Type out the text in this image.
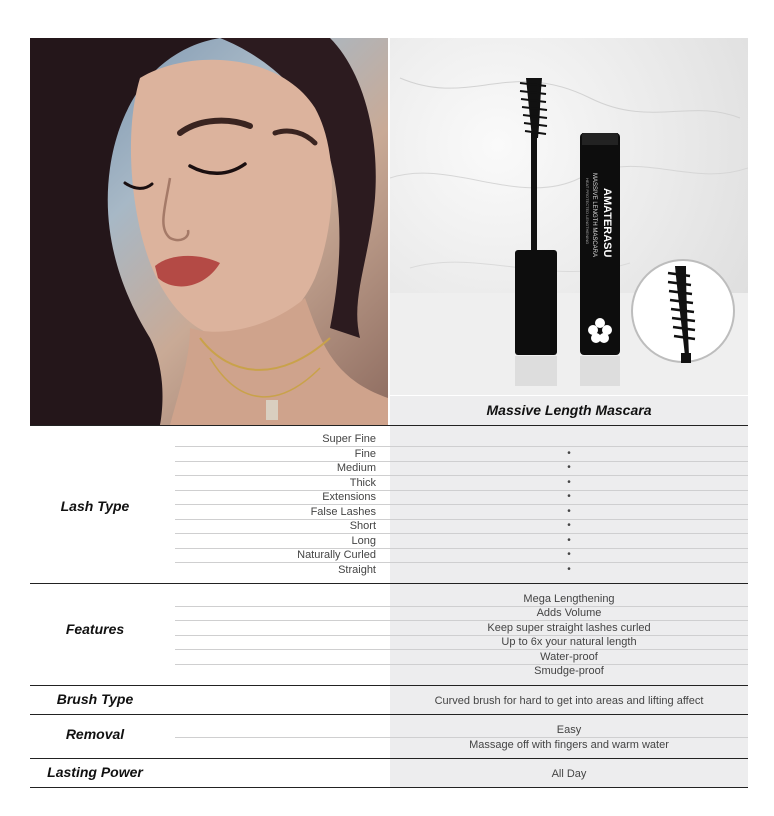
AMATERASU
MASSIVE LENGTH MASCARA
HEAT PROTECTED LENGTHENING
Massive Length Mascara
Lash Type
Super Fine
Fine	•
Medium	•
Thick	•
Extensions	•
False Lashes	•
Short	•
Long	•
Naturally Curled	•
Straight	•
Features
Mega Lengthening
Adds Volume
Keep super straight lashes curled
Up to 6x your natural length
Water-proof
Smudge-proof
Brush Type	Curved brush for hard to get into areas and lifting affect
Removal	Easy
Massage off with fingers and warm water
Lasting Power	All Day
